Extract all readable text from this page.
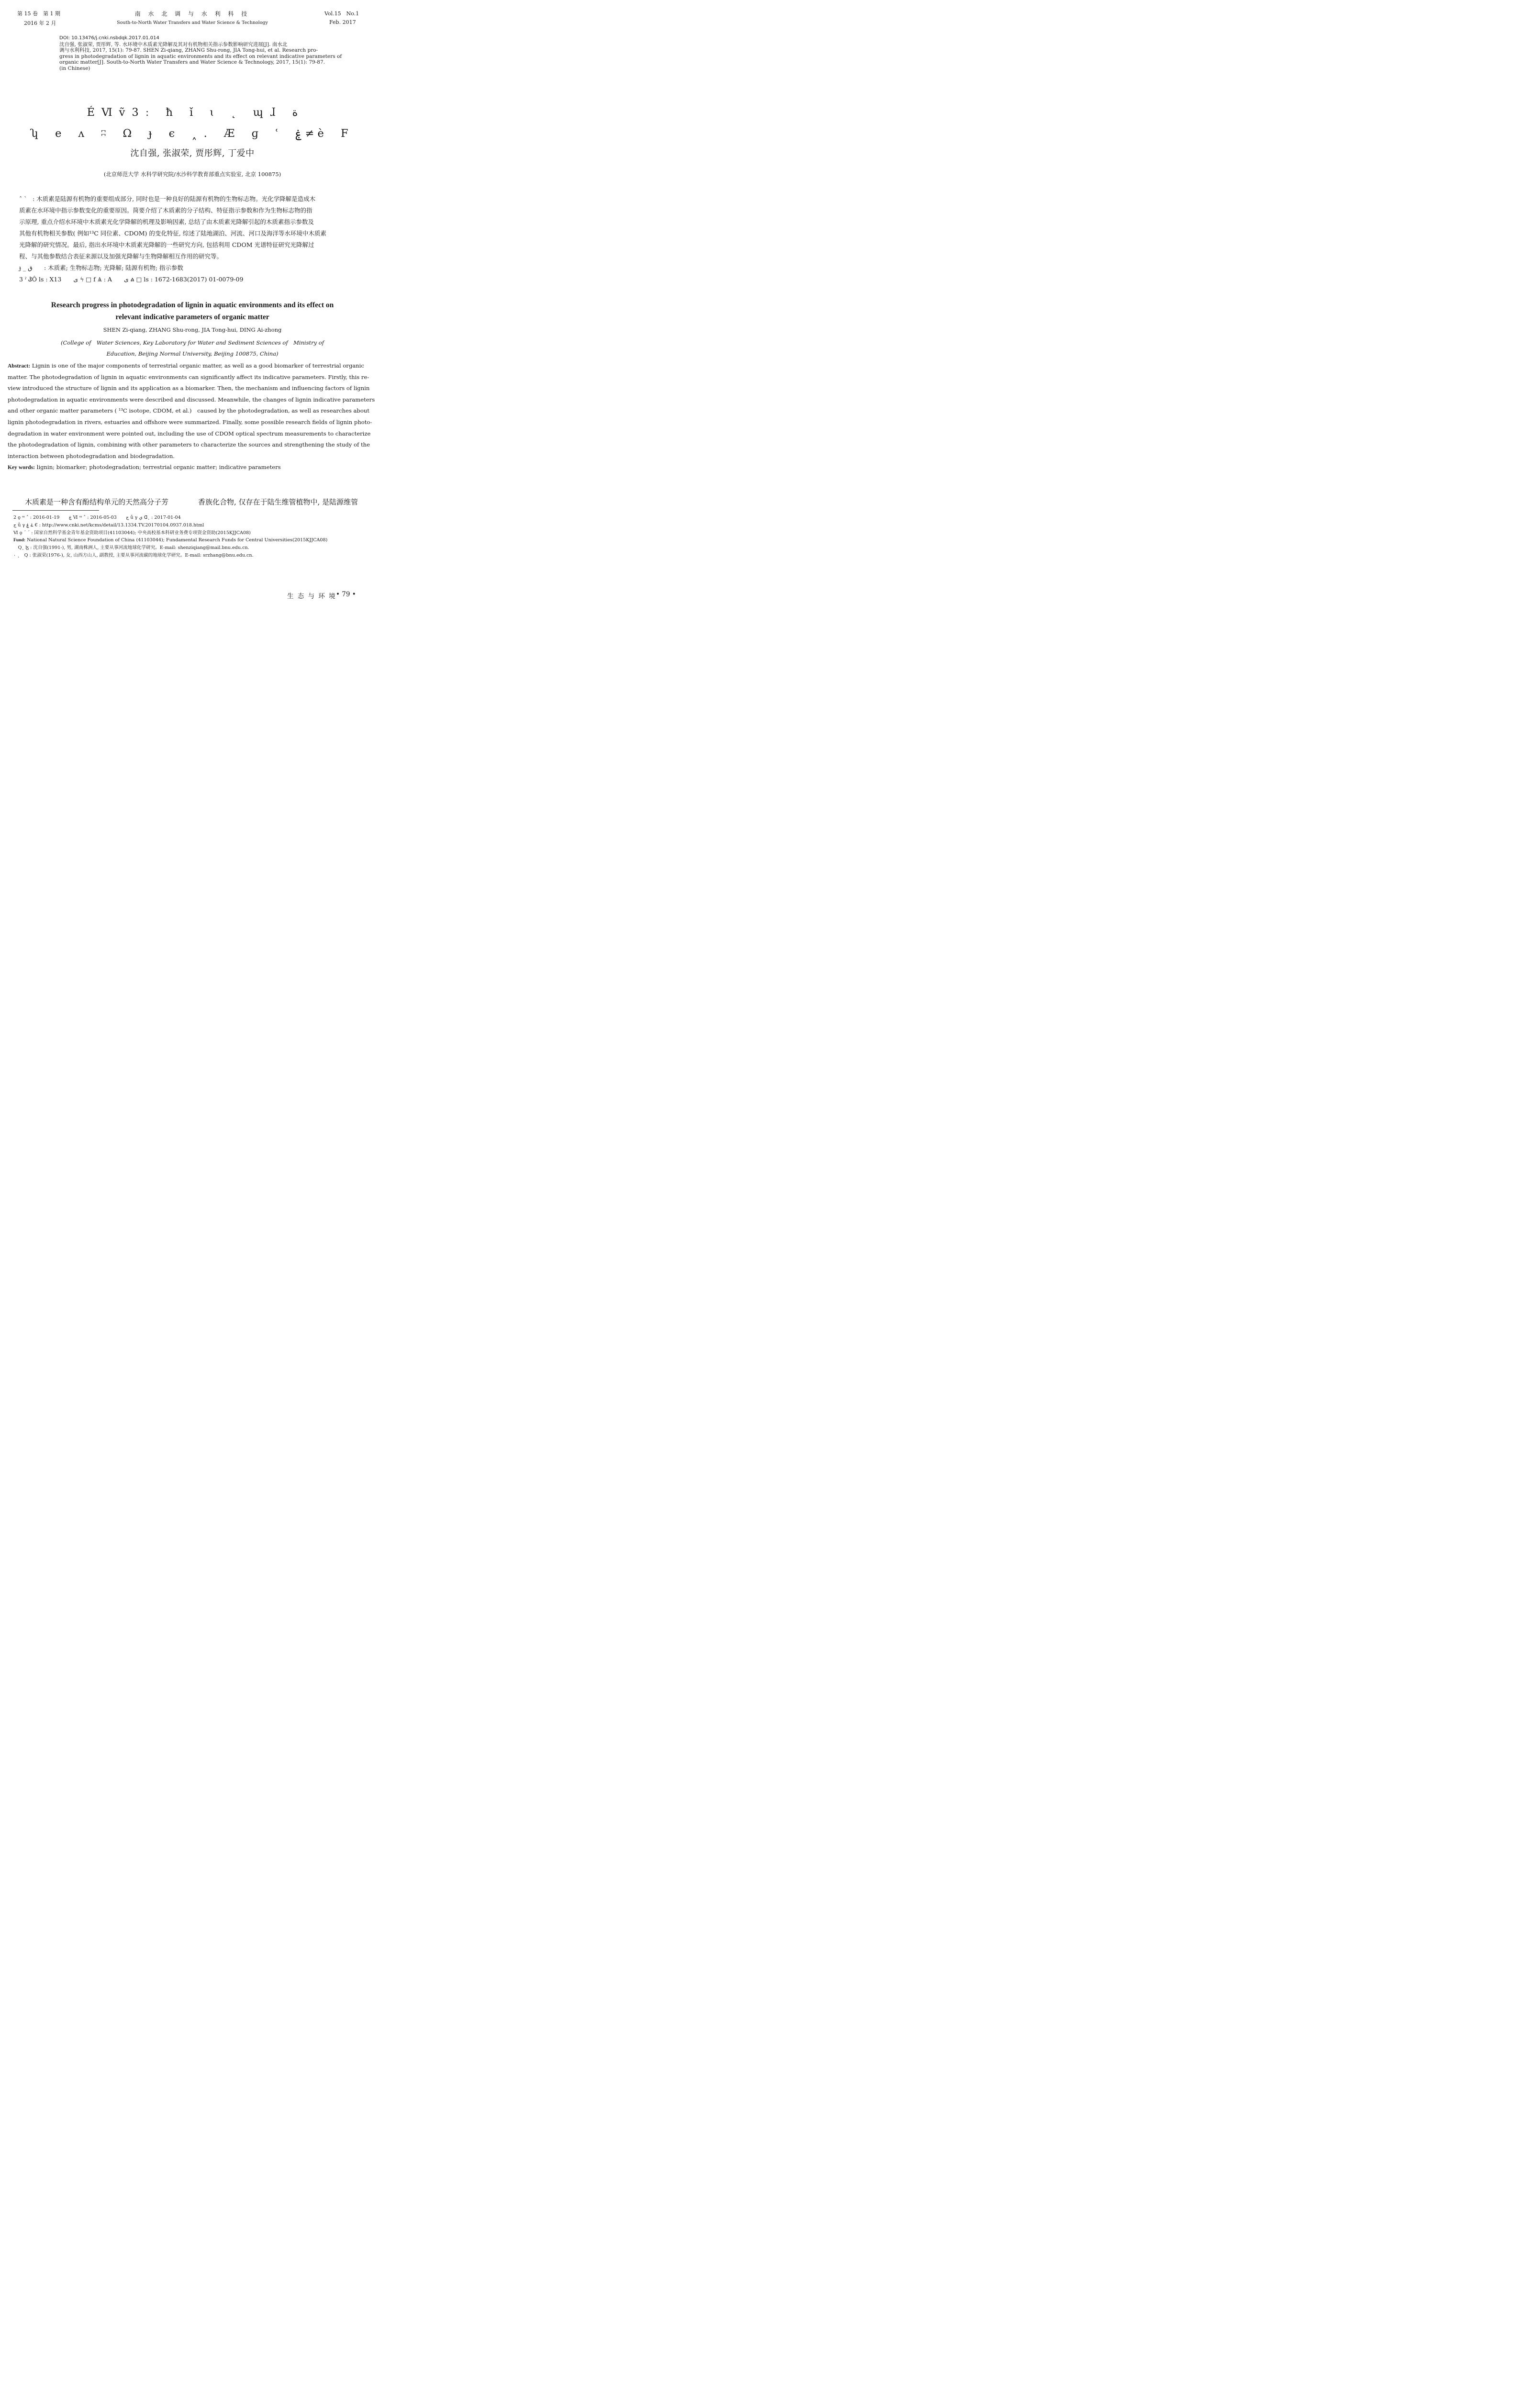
第 15 卷　第 1 期
2016 年 2 月
南 水 北 调 与 水 利 科 技
South-to-North Water Transfers and Water Science & Technology
Vol.15　No.1
Feb. 2017

DOI: 10.13476/j.cnki.nsbdqk.2017.01.014

沈自强, 张淑荣, 贾彤辉, 等. 水环境中木质素光降解及其对有机物相关指示参数影响研究进展[J]. 南水北

调与水利科技, 2017, 15(1): 79-87. SHEN Zi-qiang, ZHANG Shu-rong, JIA Tong-hui, et al. Research pro-

gress in photodegradation of lignin in aquatic environments and its effect on relevant indicative parameters of

organic matter[J]. South-to-North Water Transfers and Water Science & Technology, 2017, 15(1): 79-87.

(in Chinese)

ÉⅥṽ3ː ħ ǐ ɩ ˛ ɰɺ ة
ʮ e ʌ ʭ Ω ɟ є ˰. Æ ɡ ʿ ۼ ≠ è F
沈自强, 张淑荣, 贾彤辉, 丁爱中
(北京师范大学 水科学研究院/水沙科学教育部重点实验室, 北京 100875)

ˆ ˋ : 木质素是陆源有机物的重要组成部分, 同时也是一种良好的陆源有机物的生物标志物。光化学降解是造成木

质素在水环境中指示参数变化的重要原因。简要介绍了木质素的分子结构、特征指示参数和作为生物标志物的指

示原理, 重点介绍水环境中木质素光化学降解的机理及影响因素, 总结了由木质素光降解引起的木质素指示参数及

其他有机物相关参数( 例如¹³C 同位素、CDOM) 的变化特征, 综述了陆地湖泊、河流、河口及海洋等水环境中木质素

光降解的研究情况。最后, 指出水环境中木质素光降解的一些研究方向, 包括利用 CDOM 光谱特征研究光降解过

程、与其他参数结合表征来源以及加强光降解与生物降解相互作用的研究等。

ɟ _ ق : 木质素; 生物标志物; 光降解; 陆源有机物; 指示参数

3 ˀ ݣÔ ls : X13　　ی ϟ □ f Ѧ : A　　ی ል □ ls : 1672-1683(2017) 01-0079-09

Research progress in photodegradation of lignin in aquatic environments and its effect on
relevant indicative parameters of organic matter
SHEN Zi-qiang, ZHANG Shu-rong, JIA Tong-hui, DING Ai-zhong
(College of　Water Sciences, Key Laboratory for Water and Sediment Sciences of　Ministry of
Education, Beijing Normal University, Beijing 100875, China)

Abstract: Lignin is one of the major components of terrestrial organic matter, as well as a good biomarker of terrestrial organic

matter. The photodegradation of lignin in aquatic environments can significantly affect its indicative parameters. Firstly, this re-

view introduced the structure of lignin and its application as a biomarker. Then, the mechanism and influencing factors of lignin

photodegradation in aquatic environments were described and discussed. Meanwhile, the changes of lignin indicative parameters

and other organic matter parameters ( ¹³C isotope, CDOM, et al.)　caused by the photodegradation, as well as researches about

lignin photodegradation in rivers, estuaries and offshore were summarized. Finally, some possible research fields of lignin photo-

degradation in water environment were pointed out, including the use of CDOM optical spectrum measurements to characterize

the photodegradation of lignin, combining with other parameters to characterize the sources and strengthening the study of the

interaction between photodegradation and biodegradation.

Key words: lignin; biomarker; photodegradation; terrestrial organic matter; indicative parameters

木质素是一种含有酚结构单元的天然高分子芳	香族化合物, 仅存在于陆生维管植物中, 是陆源维管

2 ϙ ᵚ ˄ : 2016-01-19　　ڿ Ⅵ ᵚ ˄ : 2016-05-03　　ج ǚ γ ي ᗡ˛ : 2017-01-04

ج ǚ γ ۓ ۼ € : http://www.cnki.net/kcms/detail/13.1334.TV.20170104.0937.018.html

Ⅵ ϙ ˊ ˊ : 国家自然科学基金青年基金资助项目(41103044); 中央高校基本科研业务费专项资金资助(2015KJJCA08)

Fund: National Natural Science Foundation of China (41103044); Fundamental Research Funds for Central Universities(2015KJJCA08)

　Q˛ ɮ : 沈自强(1991-), 男, 湖南株洲人, 主要从事河流地球化学研究。E-mail: shenziqiang@mail.bnu.edu.cn.

۰ ˛　Q : 张淑荣(1976-), 女, 山西方山人, 副教授, 主要从事河流碳的地球化学研究。E-mail: srzhang@bnu.edu.cn.

生 态 与 环 境 • 79 •
